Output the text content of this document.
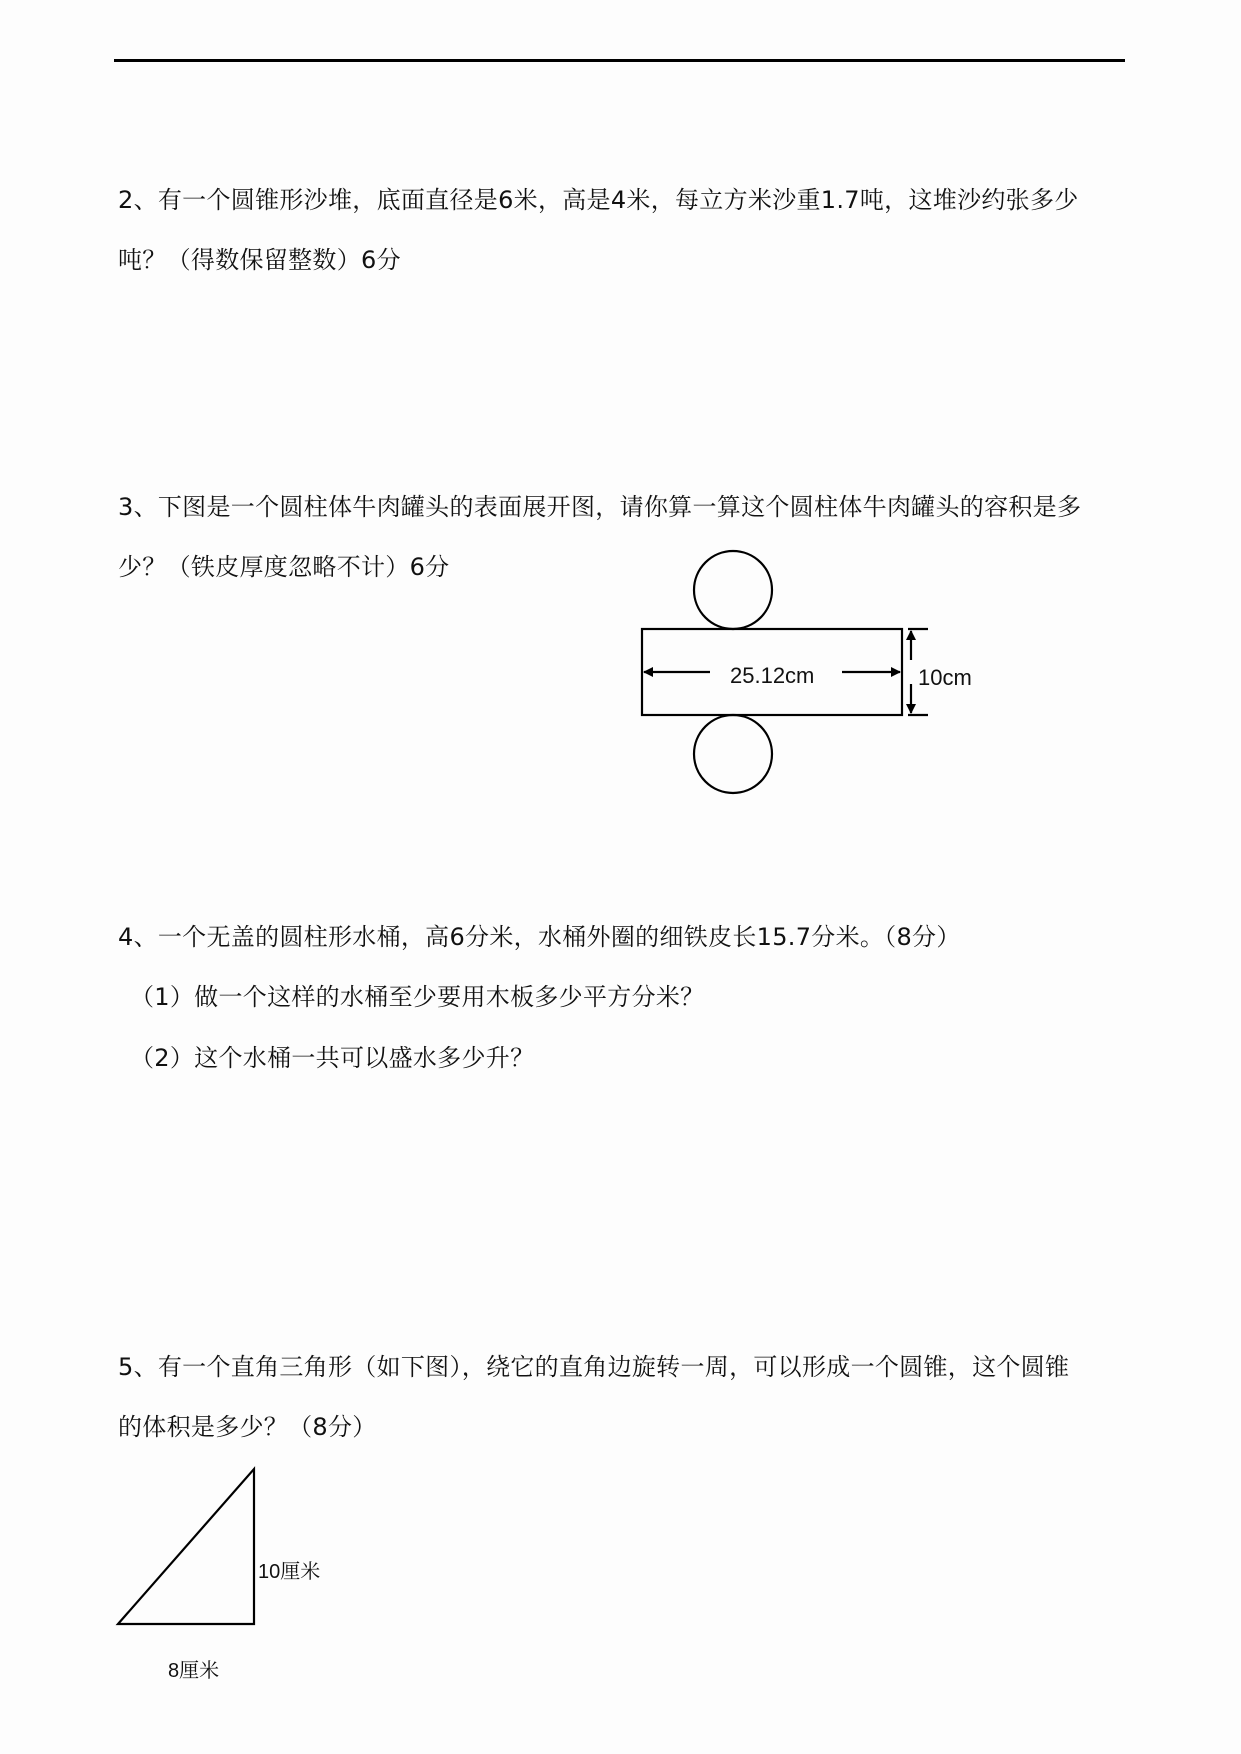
2、有一个圆锥形沙堆，底面直径是6米，高是4米，每立方米沙重1.7吨，这堆沙约张多少
吨？（得数保留整数）6分
3、下图是一个圆柱体牛肉罐头的表面展开图，请你算一算这个圆柱体牛肉罐头的容积是多
少？（铁皮厚度忽略不计）6分
25.12cm	10cm
4、一个无盖的圆柱形水桶，高6分米，水桶外圈的细铁皮长15.7分米。（8分）
（1）做一个这样的水桶至少要用木板多少平方分米？
（2）这个水桶一共可以盛水多少升？
5、有一个直角三角形（如下图），绕它的直角边旋转一周，可以形成一个圆锥，这个圆锥
的体积是多少？（8分）
10厘米
8厘米
